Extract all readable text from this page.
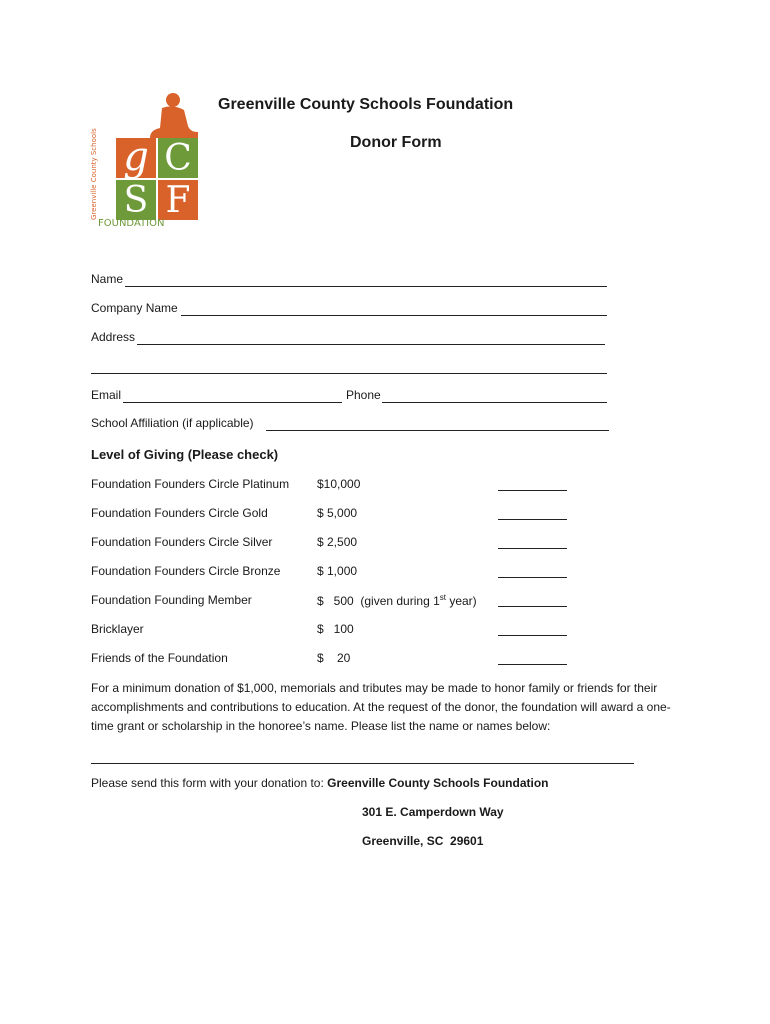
g C
S F
Greenville County Schools
FOUNDATION
Greenville County Schools Foundation
Donor Form
Name
Company Name
Address
Email	Phone
School Affiliation (if applicable)
Level of Giving (Please check)
Foundation Founders Circle Platinum $10,000
Foundation Founders Circle Gold	$ 5,000
Foundation Founders Circle Silver	$ 2,500
Foundation Founders Circle Bronze	$ 1,000
Foundation Founding Member	$   500  (given during 1st year)
Bricklayer	$   100
Friends of the Foundation	$    20
For a minimum donation of $1,000, memorials and tributes may be made to honor family or friends for their accomplishments and contributions to education. At the request of the donor, the foundation will award a one-time grant or scholarship in the honoree’s name. Please list the name or names below:
Please send this form with your donation to: Greenville County Schools Foundation
301 E. Camperdown Way
Greenville, SC  29601
